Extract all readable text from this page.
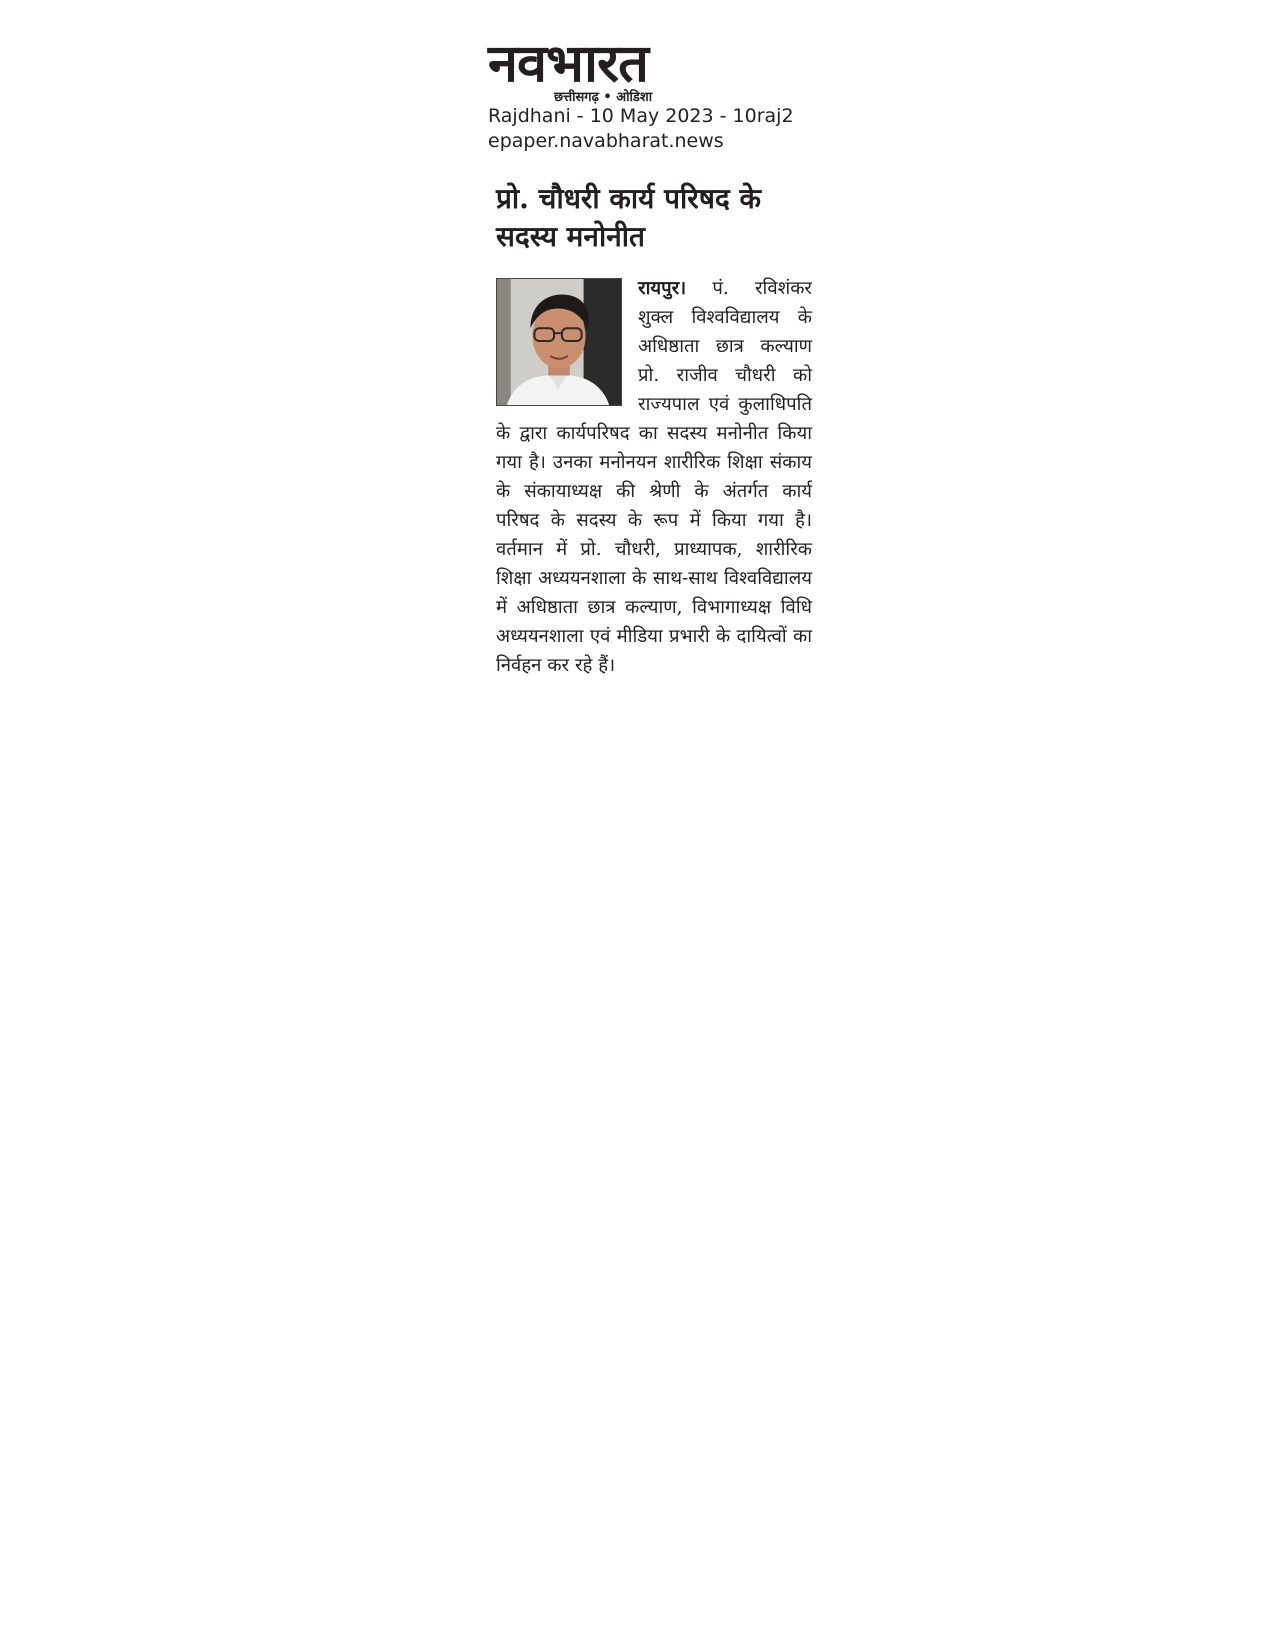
नवभारत
छत्तीसगढ़ • ओडिशा
Rajdhani - 10 May 2023 - 10raj2
epaper.navabharat.news
प्रो. चौधरी कार्य परिषद के सदस्य मनोनीत
रायपुर। पं. रविशंकर शुक्ल विश्वविद्यालय के अधिष्ठाता छात्र कल्याण प्रो. राजीव चौधरी को राज्यपाल एवं कुलाधिपति के द्वारा कार्यपरिषद का सदस्य मनोनीत किया गया है। उनका मनोनयन शारीरिक शिक्षा संकाय के संकायाध्यक्ष की श्रेणी के अंतर्गत कार्य परिषद के सदस्य के रूप में किया गया है। वर्तमान में प्रो. चौधरी, प्राध्यापक, शारीरिक शिक्षा अध्ययनशाला के साथ-साथ विश्वविद्यालय में अधिष्ठाता छात्र कल्याण, विभागाध्यक्ष विधि अध्ययनशाला एवं मीडिया प्रभारी के दायित्वों का निर्वहन कर रहे हैं।
